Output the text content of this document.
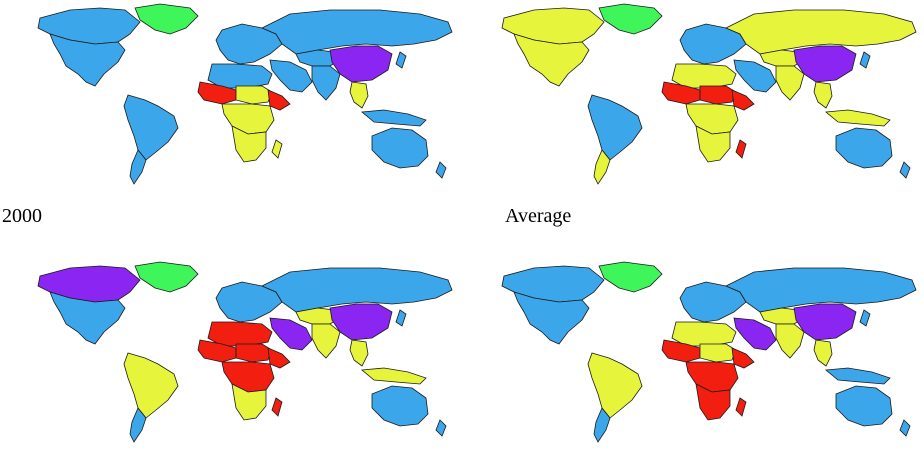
2000	Average
